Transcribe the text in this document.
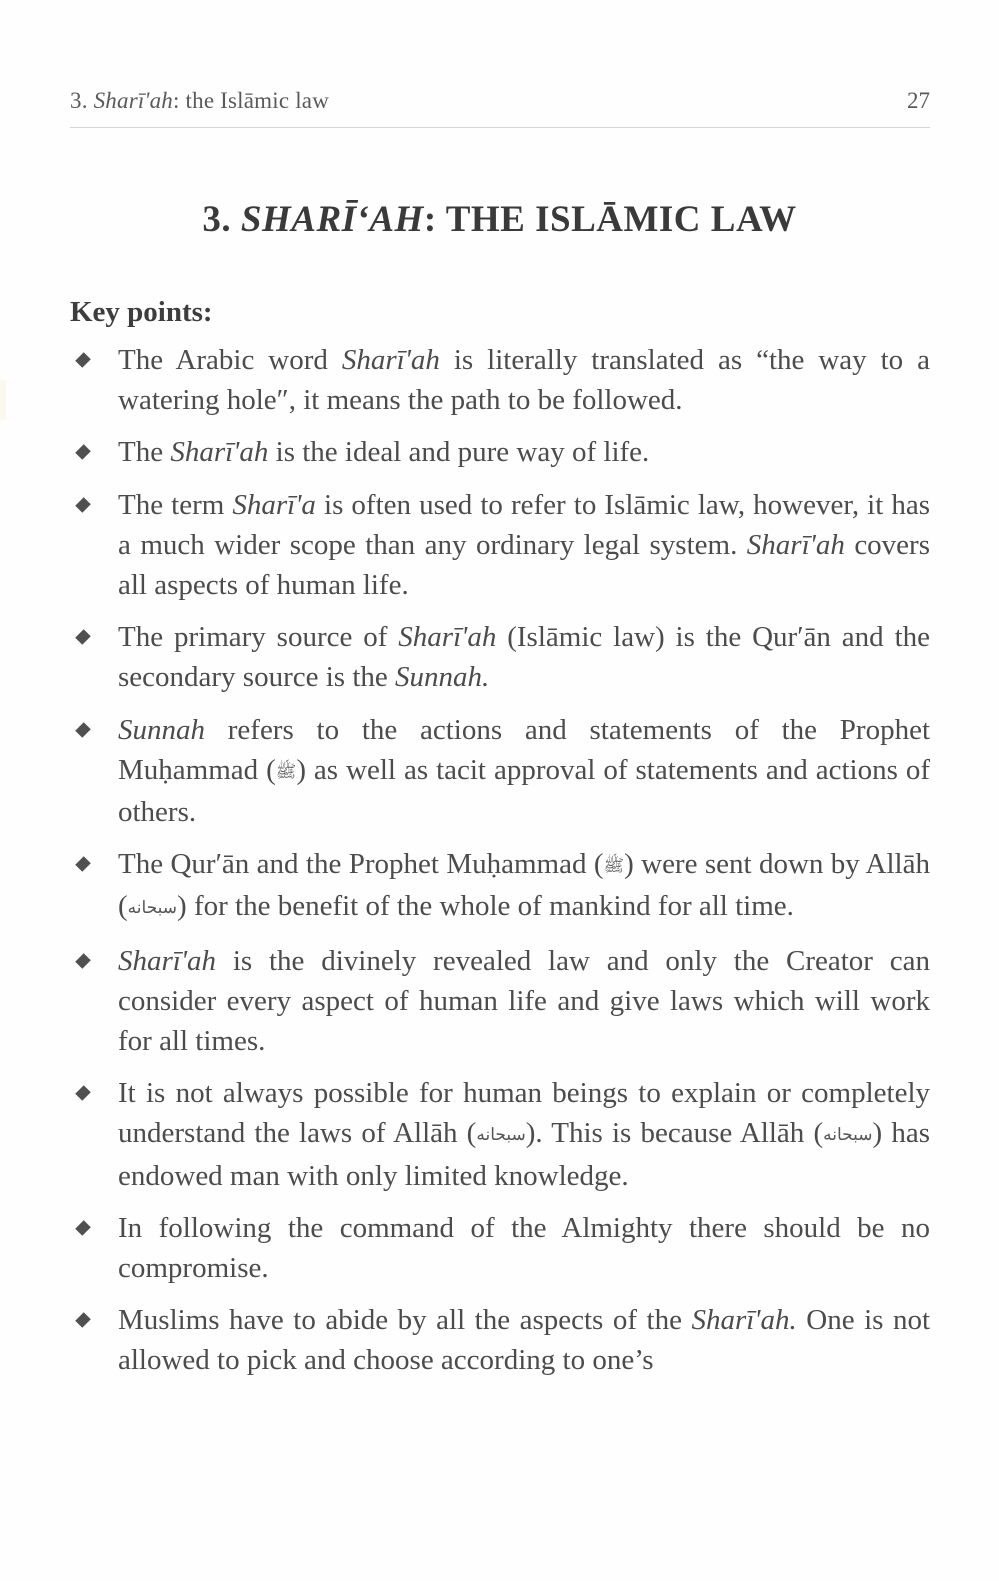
3. Sharī'ah: the Islāmic law	27
3. SHARĪ‘AH: THE ISLĀMIC LAW
Key points:
The Arabic word Sharī'ah is literally translated as “the way to a watering hole″, it means the path to be followed.
The Sharī'ah is the ideal and pure way of life.
The term Sharī'a is often used to refer to Islāmic law, however, it has a much wider scope than any ordinary legal system. Sharī'ah covers all aspects of human life.
The primary source of Sharī'ah (Islāmic law) is the Qur′ān and the secondary source is the Sunnah.
Sunnah refers to the actions and statements of the Prophet Muḥammad (ﷺ) as well as tacit approval of statements and actions of others.
The Qur′ān and the Prophet Muḥammad (ﷺ) were sent down by Allāh (سبحانه) for the benefit of the whole of mankind for all time.
Sharī'ah is the divinely revealed law and only the Creator can consider every aspect of human life and give laws which will work for all times.
It is not always possible for human beings to explain or completely understand the laws of Allāh (سبحانه). This is because Allāh (سبحانه) has endowed man with only limited knowledge.
In following the command of the Almighty there should be no compromise.
Muslims have to abide by all the aspects of the Sharī'ah. One is not allowed to pick and choose according to one’s
